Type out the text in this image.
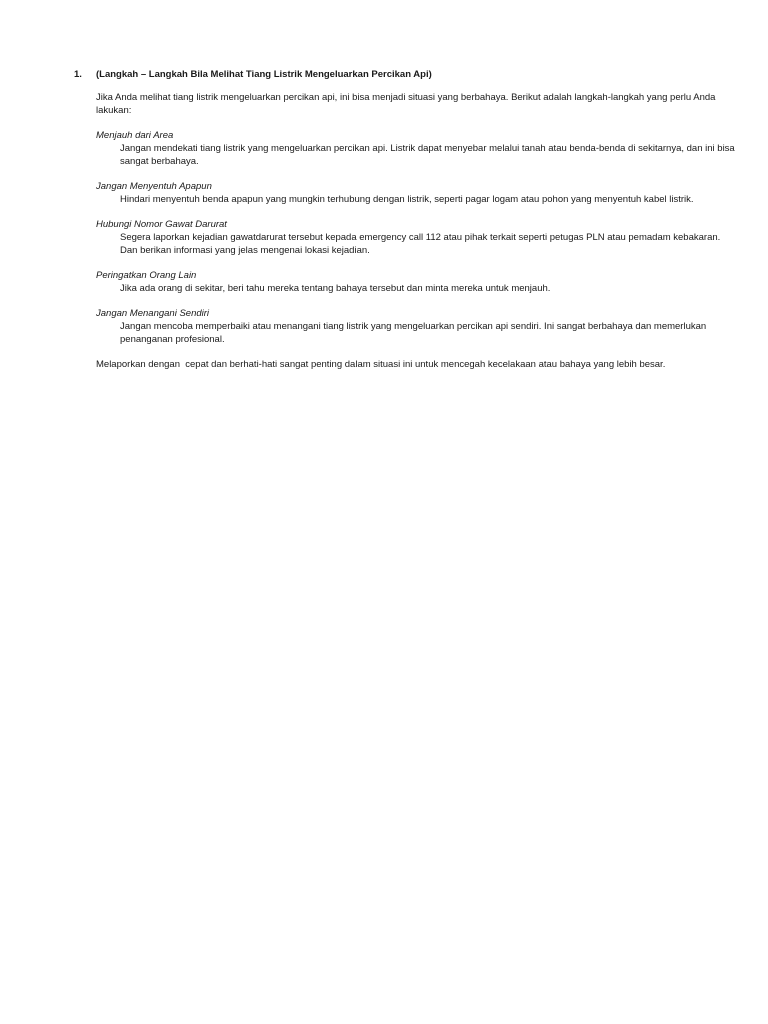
1. (Langkah – Langkah Bila Melihat Tiang Listrik Mengeluarkan Percikan Api)

Jika Anda melihat tiang listrik mengeluarkan percikan api, ini bisa menjadi situasi yang berbahaya. Berikut adalah langkah-langkah yang perlu Anda lakukan:

Menjauh dari Area

Jangan mendekati tiang listrik yang mengeluarkan percikan api. Listrik dapat menyebar melalui tanah atau benda-benda di sekitarnya, dan ini bisa sangat berbahaya.

Jangan Menyentuh Apapun

Hindari menyentuh benda apapun yang mungkin terhubung dengan listrik, seperti pagar logam atau pohon yang menyentuh kabel listrik.

Hubungi Nomor Gawat Darurat

Segera laporkan kejadian gawatdarurat tersebut kepada emergency call 112 atau pihak terkait seperti petugas PLN atau pemadam kebakaran. Dan berikan informasi yang jelas mengenai lokasi kejadian.

Peringatkan Orang Lain

Jika ada orang di sekitar, beri tahu mereka tentang bahaya tersebut dan minta mereka untuk menjauh.

Jangan Menangani Sendiri

Jangan mencoba memperbaiki atau menangani tiang listrik yang mengeluarkan percikan api sendiri. Ini sangat berbahaya dan memerlukan penanganan profesional.

Melaporkan dengan  cepat dan berhati-hati sangat penting dalam situasi ini untuk mencegah kecelakaan atau bahaya yang lebih besar.
